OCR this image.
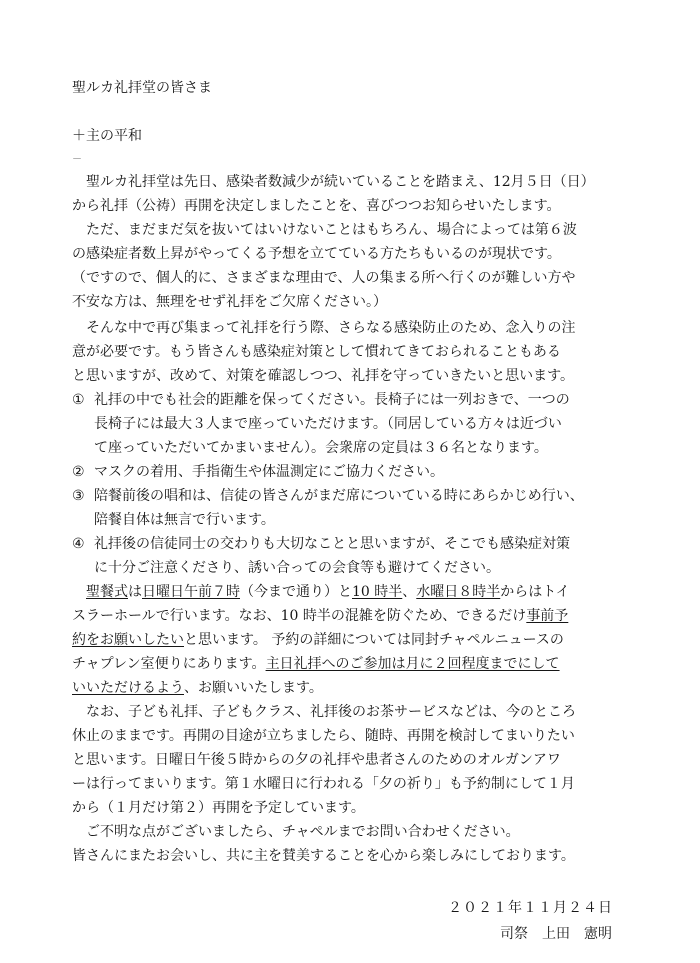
聖ルカ礼拝堂の皆さま
＋主の平和
－
聖ルカ礼拝堂は先日、感染者数減少が続いていることを踏まえ、12月５日（日）
から礼拝（公祷）再開を決定しましたことを、喜びつつお知らせいたします。
ただ、まだまだ気を抜いてはいけないことはもちろん、場合によっては第６波
の感染症者数上昇がやってくる予想を立てている方たちもいるのが現状です。
（ですので、個人的に、さまざまな理由で、人の集まる所へ行くのが難しい方や
不安な方は、無理をせず礼拝をご欠席ください。）
そんな中で再び集まって礼拝を行う際、さらなる感染防止のため、念入りの注
意が必要です。もう皆さんも感染症対策として慣れてきておられることもある
と思いますが、改めて、対策を確認しつつ、礼拝を守っていきたいと思います。
① 礼拝の中でも社会的距離を保ってください。長椅子には一列おきで、一つの
長椅子には最大３人まで座っていただけます。（同居している方々は近づい
て座っていただいてかまいません）。会衆席の定員は３６名となります。
② マスクの着用、手指衛生や体温測定にご協力ください。
③ 陪餐前後の唱和は、信徒の皆さんがまだ席についている時にあらかじめ行い、
陪餐自体は無言で行います。
④ 礼拝後の信徒同士の交わりも大切なことと思いますが、そこでも感染症対策
に十分ご注意くださり、誘い合っての会食等も避けてください。
聖餐式は日曜日午前７時（今まで通り）と10 時半、水曜日８時半からはトイ
スラーホールで行います。なお、10 時半の混雑を防ぐため、できるだけ事前予
約をお願いしたいと思います。 予約の詳細については同封チャペルニュースの
チャプレン室便りにあります。主日礼拝へのご参加は月に２回程度までにして
いいただけるよう、お願いいたします。
なお、子ども礼拝、子どもクラス、礼拝後のお茶サービスなどは、今のところ
休止のままです。再開の目途が立ちましたら、随時、再開を検討してまいりたい
と思います。日曜日午後５時からの夕の礼拝や患者さんのためのオルガンアワ
ーは行ってまいります。第１水曜日に行われる「夕の祈り」も予約制にして１月
から（１月だけ第２）再開を予定しています。
ご不明な点がございましたら、チャペルまでお問い合わせください。
皆さんにまたお会いし、共に主を賛美することを心から楽しみにしております。
２０２１年１１月２４日
司祭　上田　憲明
